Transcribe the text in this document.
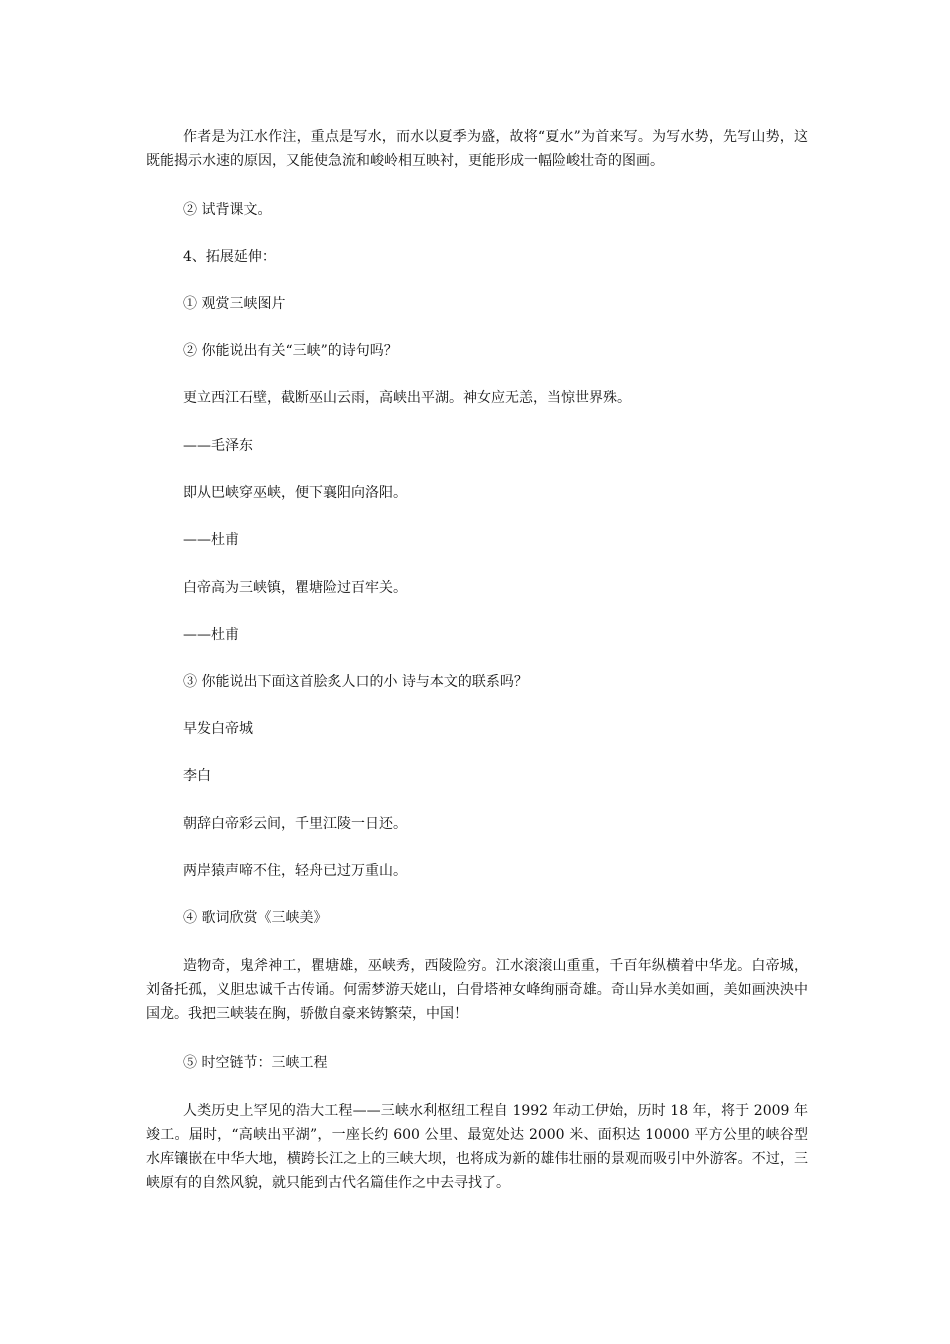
作者是为江水作注，重点是写水，而水以夏季为盛，故将“夏水”为首来写。为写水势，先写山势，这既能揭示水速的原因，又能使急流和峻岭相互映衬，更能形成一幅险峻壮奇的图画。

② 试背课文。

4、拓展延伸：

① 观赏三峡图片

② 你能说出有关“三峡”的诗句吗？

更立西江石壁，截断巫山云雨，高峡出平湖。神女应无恙，当惊世界殊。

——毛泽东

即从巴峡穿巫峡，便下襄阳向洛阳。

——杜甫

白帝高为三峡镇，瞿塘险过百牢关。

——杜甫

③ 你能说出下面这首脍炙人口的小 诗与本文的联系吗？

早发白帝城

李白

朝辞白帝彩云间，千里江陵一日还。

两岸猿声啼不住，轻舟已过万重山。

④ 歌词欣赏《三峡美》

造物奇，鬼斧神工，瞿塘雄，巫峡秀，西陵险穷。江水滚滚山重重，千百年纵横着中华龙。白帝城，刘备托孤，义胆忠诚千古传诵。何需梦游天姥山，白骨塔神女峰绚丽奇雄。奇山异水美如画，美如画泱泱中国龙。我把三峡装在胸，骄傲自豪来铸繁荣，中国！

⑤ 时空链节：三峡工程

人类历史上罕见的浩大工程——三峡水利枢纽工程自 1992 年动工伊始，历时 18 年，将于 2009 年竣工。届时，“高峡出平湖”，一座长约 600 公里、最宽处达 2000 米、面积达 10000 平方公里的峡谷型水库镶嵌在中华大地，横跨长江之上的三峡大坝，也将成为新的雄伟壮丽的景观而吸引中外游客。不过，三峡原有的自然风貌，就只能到古代名篇佳作之中去寻找了。
